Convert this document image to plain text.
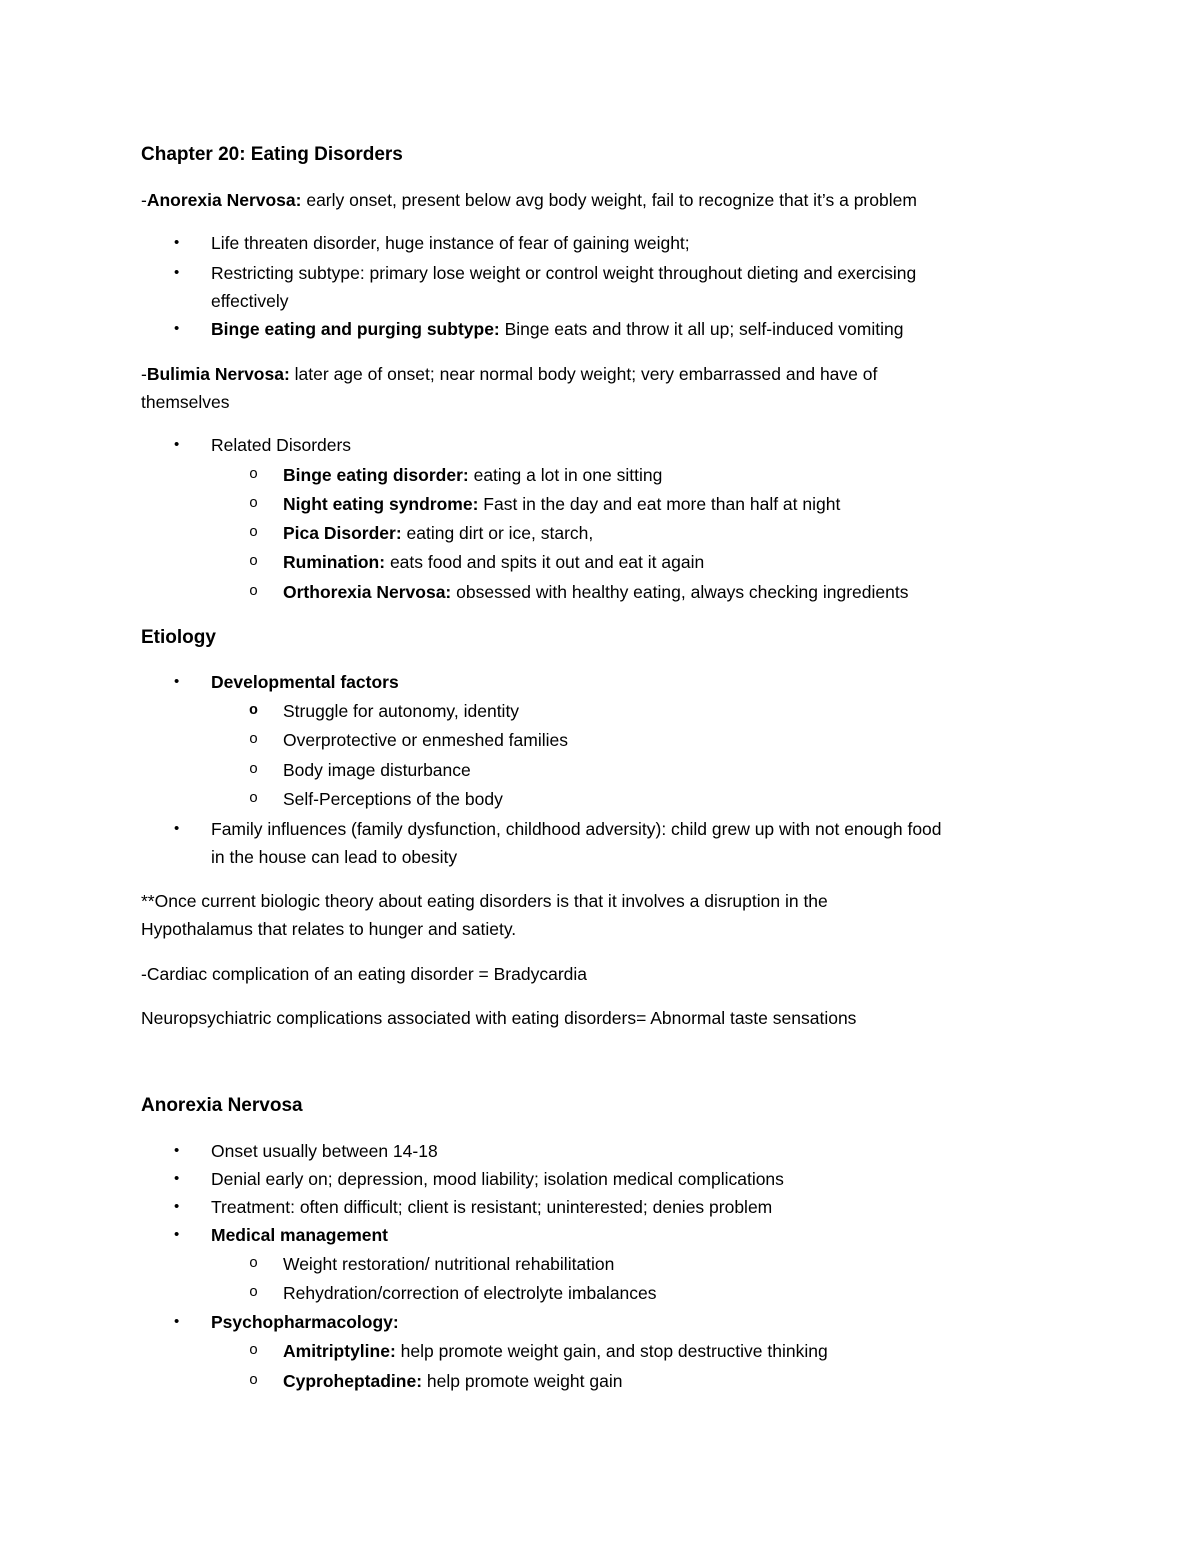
Chapter 20: Eating Disorders
-Anorexia Nervosa: early onset, present below avg body weight, fail to recognize that it’s a problem
• Life threaten disorder, huge instance of fear of gaining weight;
• Restricting subtype: primary lose weight or control weight throughout dieting and exercising
effectively
• Binge eating and purging subtype: Binge eats and throw it all up; self-induced vomiting
-Bulimia Nervosa: later age of onset; near normal body weight; very embarrassed and have of
themselves
• Related Disorders
o Binge eating disorder: eating a lot in one sitting
o Night eating syndrome: Fast in the day and eat more than half at night
o Pica Disorder: eating dirt or ice, starch,
o Rumination: eats food and spits it out and eat it again
o Orthorexia Nervosa: obsessed with healthy eating, always checking ingredients
Etiology
• Developmental factors
o Struggle for autonomy, identity
o Overprotective or enmeshed families
o Body image disturbance
o Self-Perceptions of the body
• Family influences (family dysfunction, childhood adversity): child grew up with not enough food
in the house can lead to obesity
**Once current biologic theory about eating disorders is that it involves a disruption in the
Hypothalamus that relates to hunger and satiety.
-Cardiac complication of an eating disorder = Bradycardia
Neuropsychiatric complications associated with eating disorders= Abnormal taste sensations
Anorexia Nervosa
• Onset usually between 14-18
• Denial early on; depression, mood liability; isolation medical complications
• Treatment: often difficult; client is resistant; uninterested; denies problem
• Medical management
o Weight restoration/ nutritional rehabilitation
o Rehydration/correction of electrolyte imbalances
• Psychopharmacology:
o Amitriptyline: help promote weight gain, and stop destructive thinking
o Cyproheptadine: help promote weight gain
